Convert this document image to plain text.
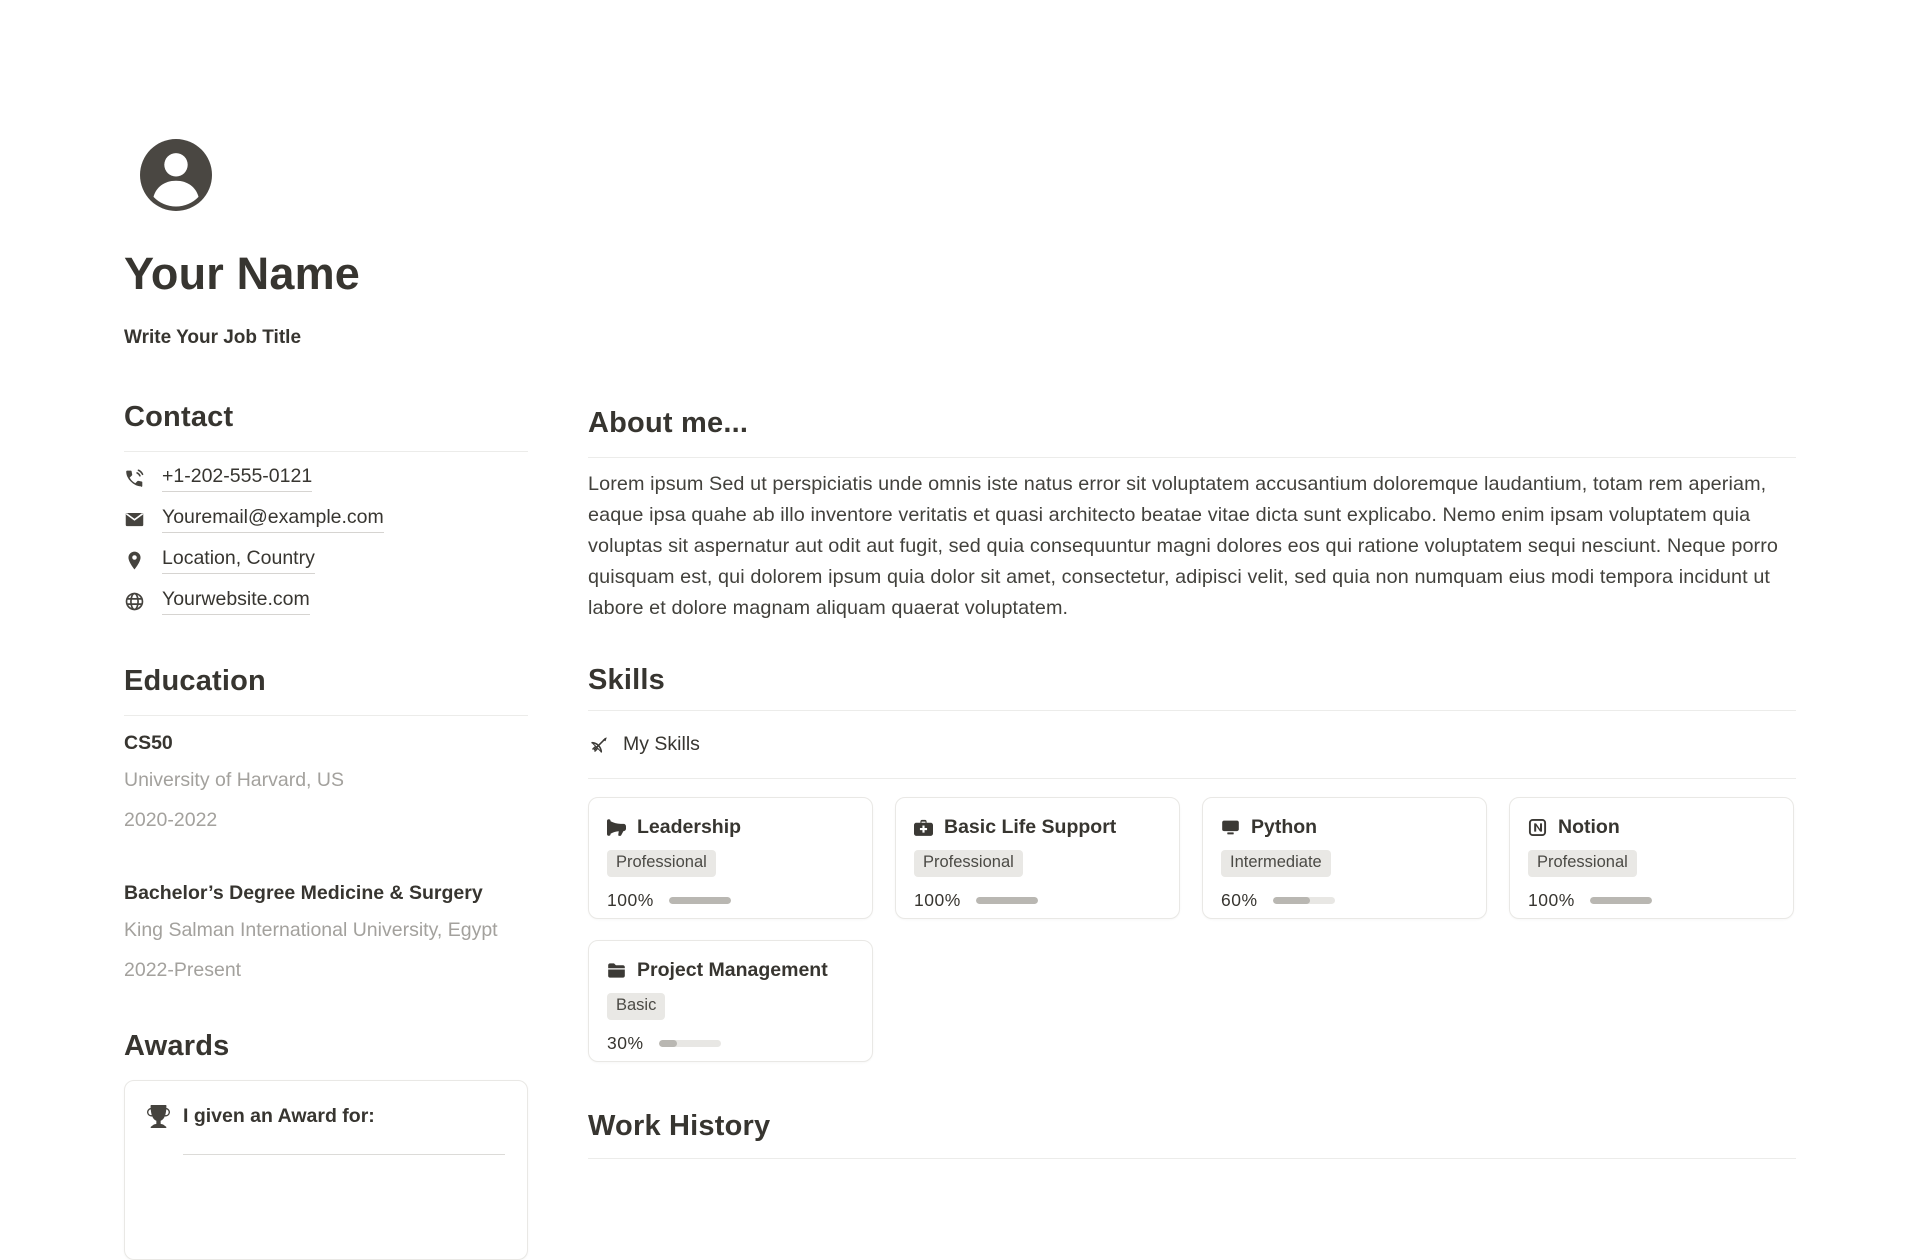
Your Name
Write Your Job Title
Contact
+1-202-555-0121
Youremail@example.com
Location, Country
Yourwebsite.com
Education
CS50
University of Harvard, US
2020-2022
Bachelor’s Degree Medicine & Surgery
King Salman International University, Egypt
2022-Present
Awards
I given an Award for:
About me...

Lorem ipsum Sed ut perspiciatis unde omnis iste natus error sit voluptatem accusantium doloremque laudantium, totam rem aperiam, eaque ipsa quahe ab illo inventore veritatis et quasi architecto beatae vitae dicta sunt explicabo. Nemo enim ipsam voluptatem quia voluptas sit aspernatur aut odit aut fugit, sed quia consequuntur magni dolores eos qui ratione voluptatem sequi nesciunt. Neque porro quisquam est, qui dolorem ipsum quia dolor sit amet, consectetur, adipisci velit, sed quia non numquam eius modi tempora incidunt ut labore et dolore magnam aliquam quaerat voluptatem.

Skills
My Skills
Leadership
Professional
100%
Basic Life Support
Professional
100%
Python
Intermediate
60%
Notion
Professional
100%
Project Management
Basic
30%
Work History
